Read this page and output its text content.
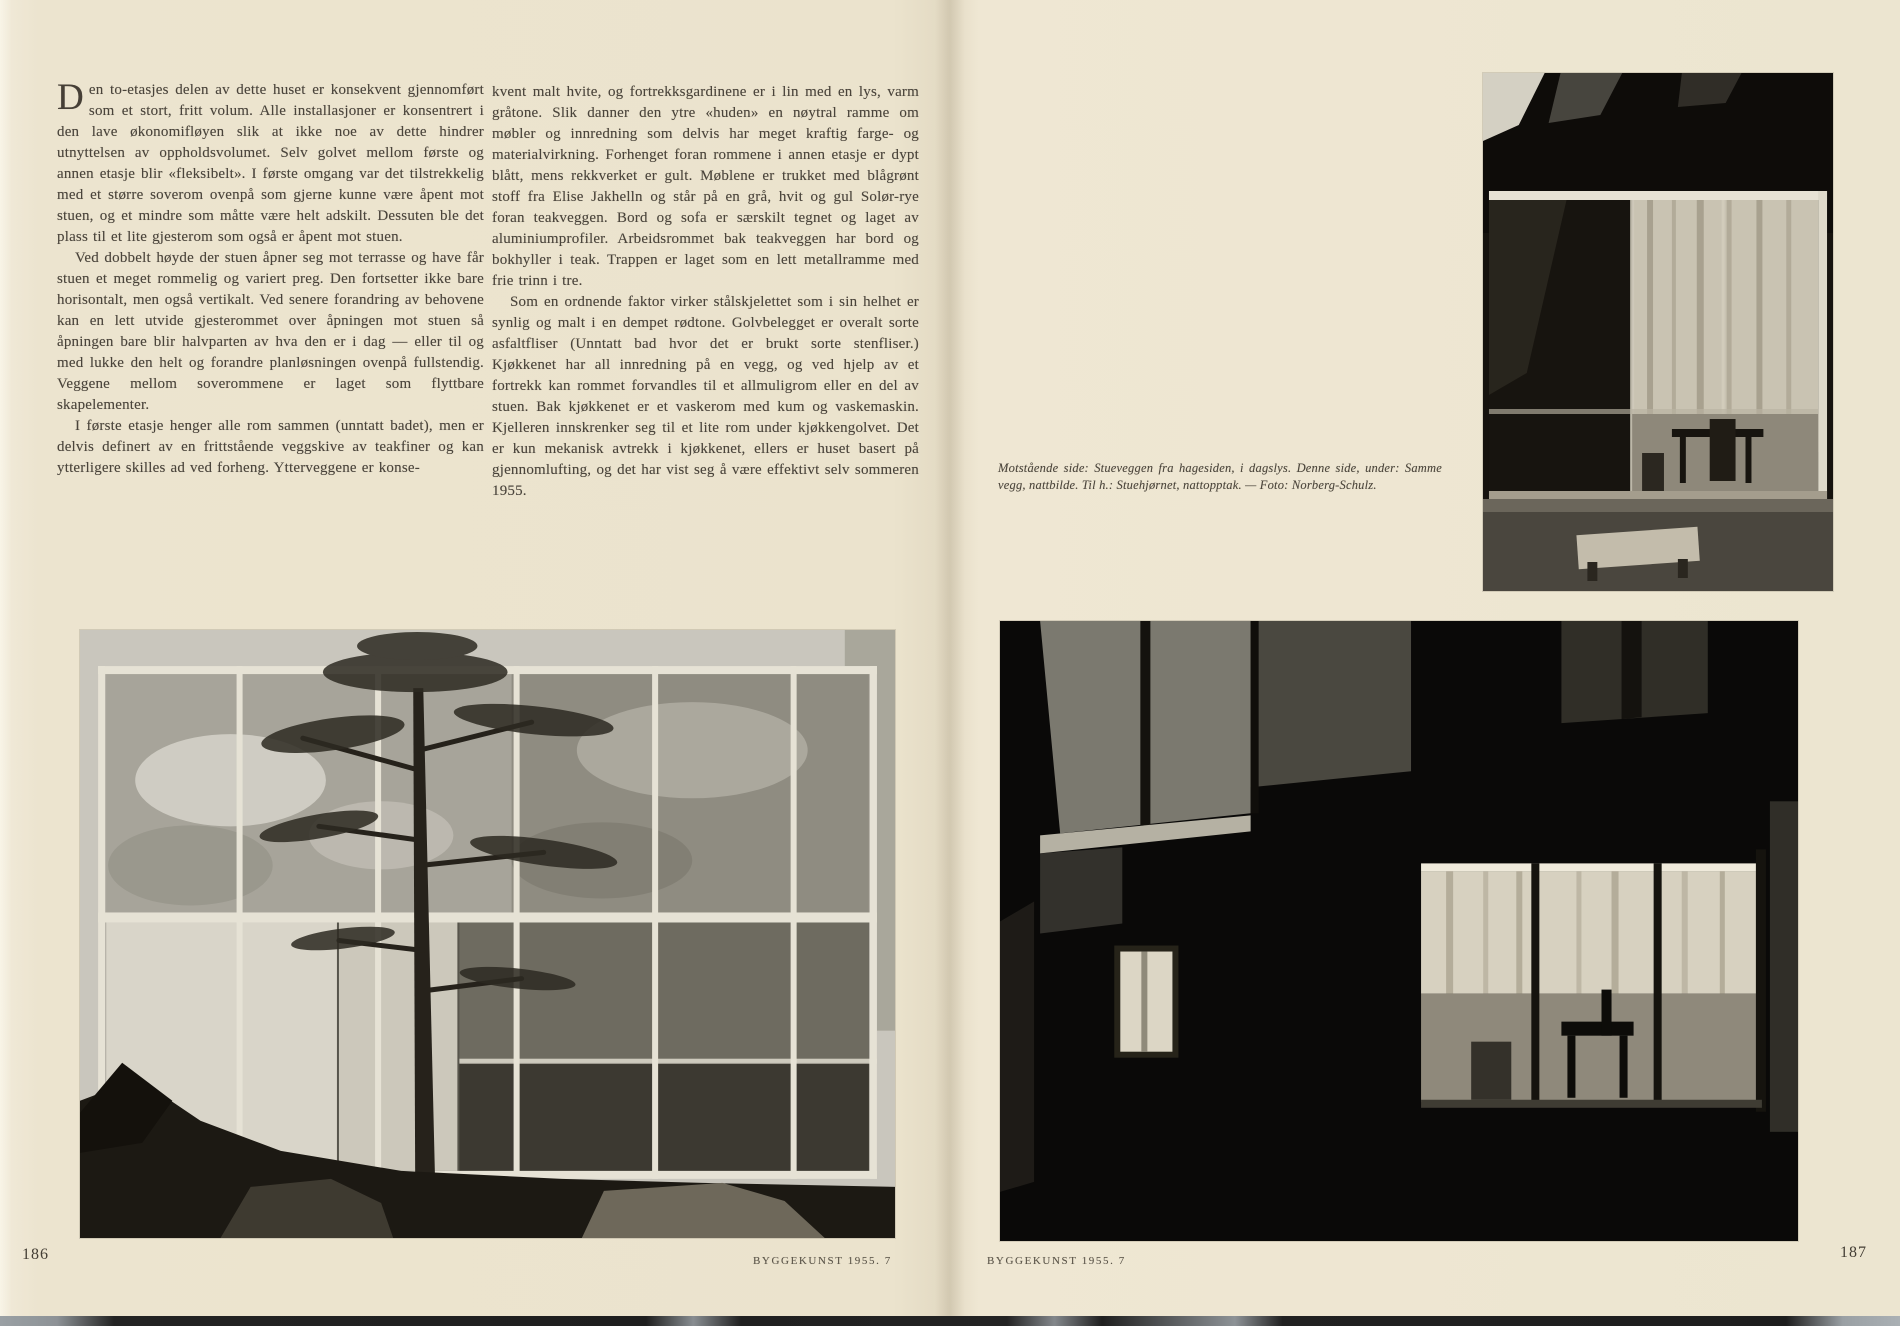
Den to-etasjes delen av dette huset er konsekvent gjennomført som et stort, fritt volum. Alle installasjoner er konsentrert i den lave økonomifløyen slik at ikke noe av dette hindrer utnyttelsen av oppholdsvolumet. Selv golvet mellom første og annen etasje blir «fleksibelt». I første omgang var det tilstrekkelig med et større soverom ovenpå som gjerne kunne være åpent mot stuen, og et mindre som måtte være helt adskilt. Dessuten ble det plass til et lite gjesterom som også er åpent mot stuen.

Ved dobbelt høyde der stuen åpner seg mot terrasse og have får stuen et meget rommelig og variert preg. Den fortsetter ikke bare horisontalt, men også vertikalt. Ved senere forandring av behovene kan en lett utvide gjesterommet over åpningen mot stuen så åpningen bare blir halvparten av hva den er i dag — eller til og med lukke den helt og forandre planløsningen ovenpå fullstendig. Veggene mellom soverommene er laget som flyttbare skapelementer.

I første etasje henger alle rom sammen (unntatt badet), men er delvis definert av en frittstående veggskive av teakfiner og kan ytterligere skilles ad ved forheng. Ytterveggene er konse-

kvent malt hvite, og fortrekksgardinene er i lin med en lys, varm gråtone. Slik danner den ytre «huden» en nøytral ramme om møbler og innredning som delvis har meget kraftig farge- og materialvirkning. Forhenget foran rommene i annen etasje er dypt blått, mens rekkverket er gult. Møblene er trukket med blågrønt stoff fra Elise Jakhelln og står på en grå, hvit og gul Solør-rye foran teakveggen. Bord og sofa er særskilt tegnet og laget av aluminiumprofiler. Arbeidsrommet bak teakveggen har bord og bokhyller i teak. Trappen er laget som en lett metallramme med frie trinn i tre.

Som en ordnende faktor virker stålskjelettet som i sin helhet er synlig og malt i en dempet rødtone. Golvbelegget er overalt sorte asfaltfliser (Unntatt bad hvor det er brukt sorte stenfliser.) Kjøkkenet har all innredning på en vegg, og ved hjelp av et fortrekk kan rommet forvandles til et allmuligrom eller en del av stuen. Bak kjøkkenet er et vaskerom med kum og vaskemaskin. Kjelleren innskrenker seg til et lite rom under kjøkkengolvet. Det er kun mekanisk avtrekk i kjøkkenet, ellers er huset basert på gjennomlufting, og det har vist seg å være effektivt selv sommeren 1955.

Motstående side: Stueveggen fra hagesiden, i dagslys. Denne side, under: Samme vegg, nattbilde. Til h.: Stuehjørnet, nattopptak. — Foto: Norberg-Schulz.
186	BYGGEKUNST 1955. 7	BYGGEKUNST 1955. 7	187
